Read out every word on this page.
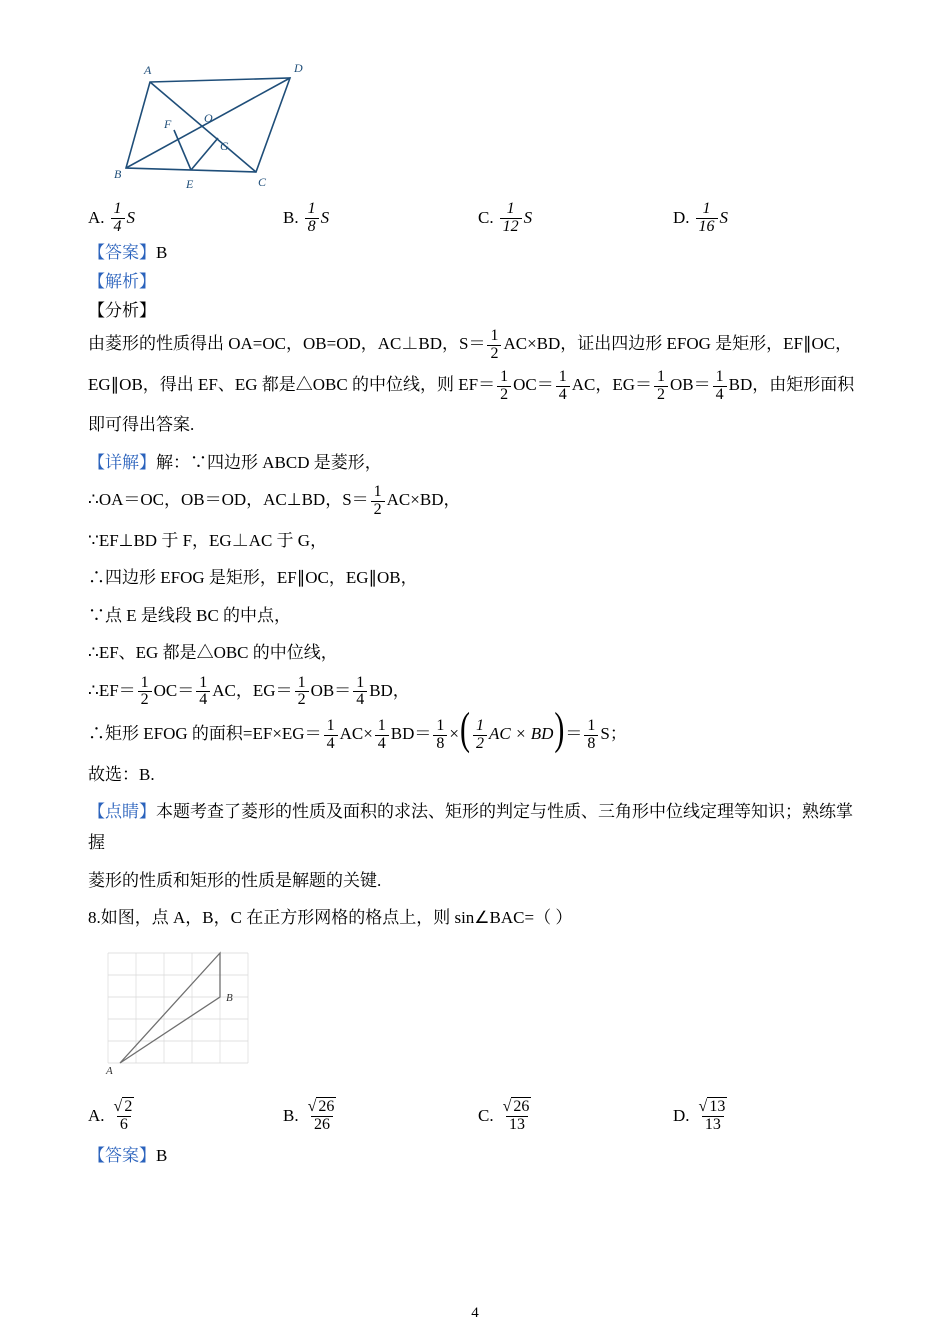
A	D
C
B
O
F
G
E
A. $\frac{1}{4}$ S	B. $\frac{1}{8}$ S	C. $\frac{1}{12}$ S	D. $\frac{1}{16}$ S

【答案】B

【解析】

【分析】

由菱形的性质得出 OA=OC，OB=OD，AC⊥BD，$S= \frac{1}{2} AC\times BD$，证出四边形 EFOG 是矩形，EF∥OC，

EG∥OB，得出 EF、EG 都是△OBC 的中位线，则 $EF= \frac{1}{2} OC= \frac{1}{4}$ AC，$EG= \frac{1}{2} OB= \frac{1}{4}$ BD，由矩形面积

即可得出答案.

【详解】解：∵四边形 ABCD 是菱形，

∴OA＝OC，OB＝OD，AC⊥BD，$S= \frac{1}{2} AC\times BD$，

∵EF⊥BD 于 F，EG⊥AC 于 G，

∴四边形 EFOG 是矩形，EF∥OC，EG∥OB，

∵点 E 是线段 BC 的中点，

∴EF、EG 都是△OBC 的中位线，

∴EF＝ $\frac{1}{2} OC= \frac{1}{4}$ AC，$EG= \frac{1}{2} OB= \frac{1}{4}$ BD，

∴矩形 EFOG 的面积$=EF\times EG= \frac{1}{4} AC\times \frac{1}{4} BD= \frac{1}{8}$ ×( $\frac{1}{2}$ AC × $BD)= \frac{1}{8}$ S；

故选：B.

【点睛】本题考查了菱形的性质及面积的求法、矩形的判定与性质、三角形中位线定理等知识；熟练掌握

菱形的性质和矩形的性质是解题的关键.

8.如图，点 A，B，C 在正方形网格的格点上，则 sin∠BAC=（ ）

A
B
A. $\frac{√ 2}{6}$	B. $\frac{√ 26}{26}$	C. $\frac{√ 26}{13}$	D. $\frac{√ 13}{13}$

【答案】B

4
